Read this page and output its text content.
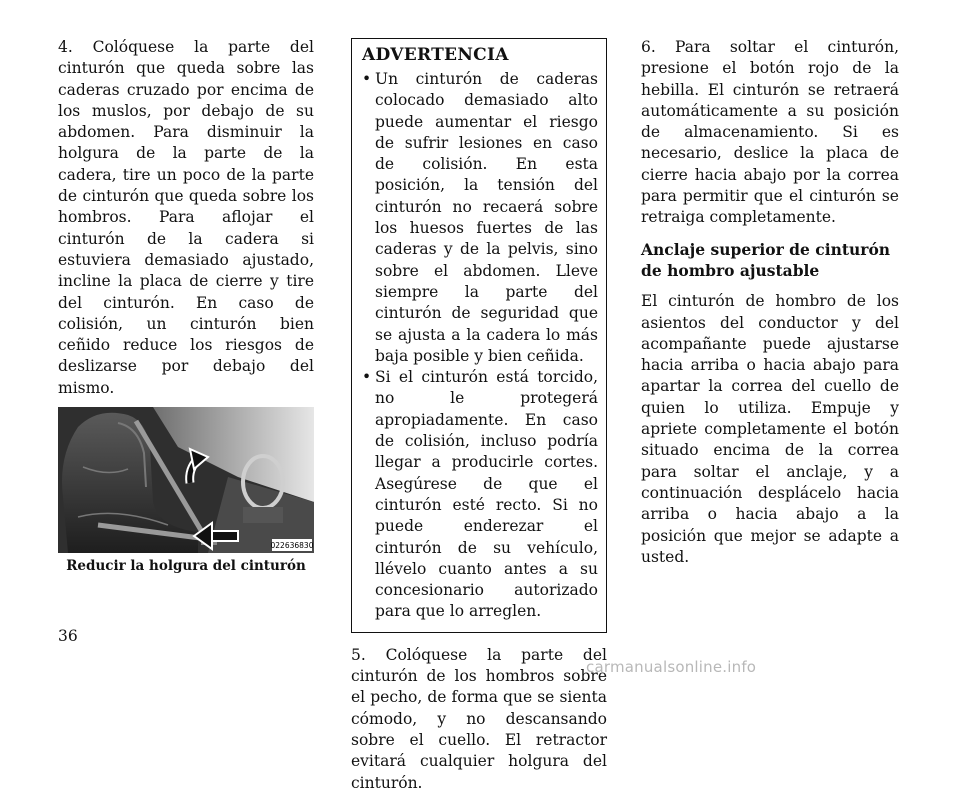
4. Colóquese la parte del cinturón que queda sobre las caderas cruzado por encima de los muslos, por debajo de su abdomen. Para disminuir la holgura de la parte de la cadera, tire un poco de la parte de cinturón que queda sobre los hombros. Para aflojar el cinturón de la cadera si estuviera demasiado ajustado, incline la placa de cierre y tire del cinturón. En caso de colisión, un cinturón bien ceñido reduce los riesgos de deslizarse por debajo del mismo.

022636830
Reducir la holgura del cinturón
ADVERTENCIA
• Un cinturón de caderas colocado demasiado alto puede aumentar el riesgo de sufrir lesiones en caso de colisión. En esta posición, la tensión del cinturón no recaerá sobre los huesos fuertes de las caderas y de la pelvis, sino sobre el abdomen. Lleve siempre la parte del cinturón de seguridad que se ajusta a la cadera lo más baja posible y bien ceñida.
• Si el cinturón está torcido, no le protegerá apropiadamente. En caso de colisión, incluso podría llegar a producirle cortes. Asegúrese de que el cinturón esté recto. Si no puede enderezar el cinturón de su vehículo, llévelo cuanto antes a su concesionario autorizado para que lo arreglen.

5. Colóquese la parte del cinturón de los hombros sobre el pecho, de forma que se sienta cómodo, y no descansando sobre el cuello. El retractor evitará cualquier holgura del cinturón.

6. Para soltar el cinturón, presione el botón rojo de la hebilla. El cinturón se retraerá automáticamente a su posición de almacenamiento. Si es necesario, deslice la placa de cierre hacia abajo por la correa para permitir que el cinturón se retraiga completamente.

Anclaje superior de cinturón de hombro ajustable

El cinturón de hombro de los asientos del conductor y del acompañante puede ajustarse hacia arriba o hacia abajo para apartar la correa del cuello de quien lo utiliza. Empuje y apriete completamente el botón situado encima de la correa para soltar el anclaje, y a continuación desplácelo hacia arriba o hacia abajo a la posición que mejor se adapte a usted.

36
carmanualsonline.info
